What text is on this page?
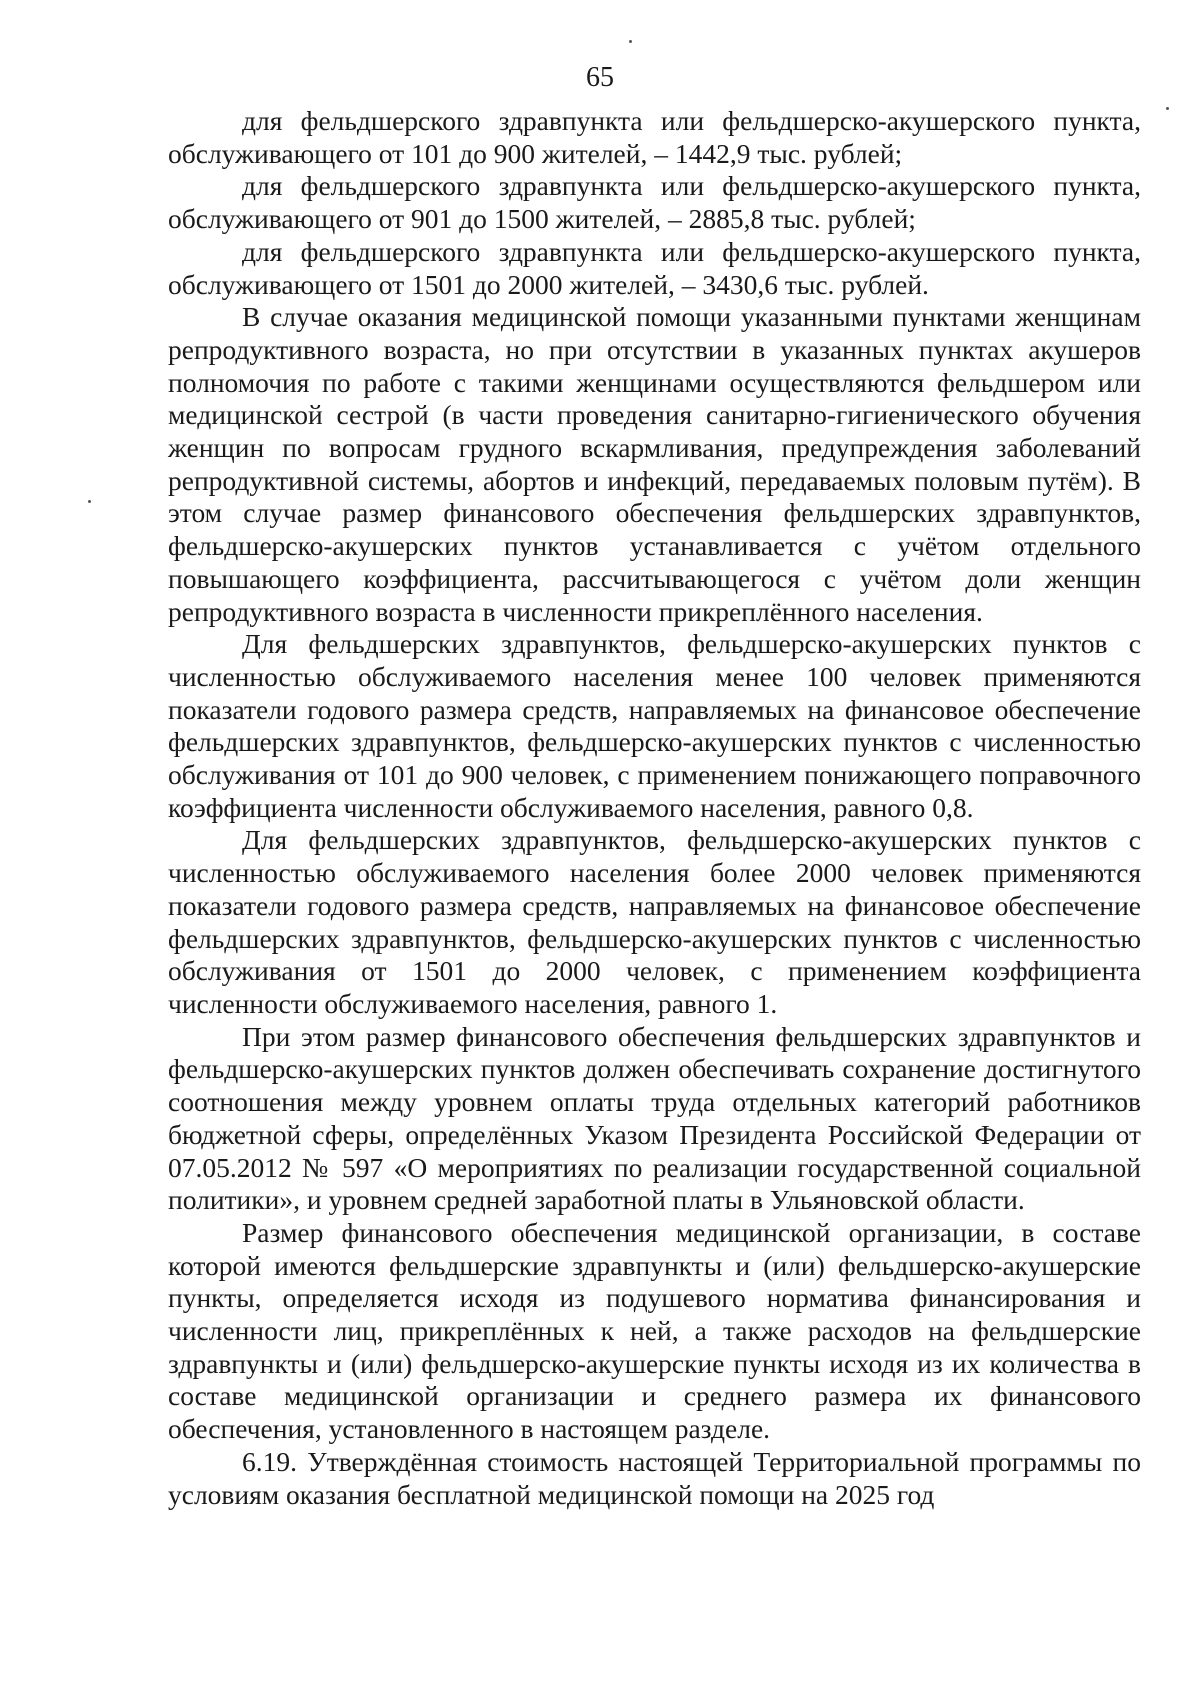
65

для фельдшерского здравпункта или фельдшерско-акушерского пункта, обслуживающего от 101 до 900 жителей, – 1442,9 тыс. рублей;

для фельдшерского здравпункта или фельдшерско-акушерского пункта, обслуживающего от 901 до 1500 жителей, – 2885,8 тыс. рублей;

для фельдшерского здравпункта или фельдшерско-акушерского пункта, обслуживающего от 1501 до 2000 жителей, – 3430,6 тыс. рублей.

В случае оказания медицинской помощи указанными пунктами женщинам репродуктивного возраста, но при отсутствии в указанных пунктах акушеров полномочия по работе с такими женщинами осуществляются фельдшером или медицинской сестрой (в части проведения санитарно-гигиенического обучения женщин по вопросам грудного вскармливания, предупреждения заболеваний репродуктивной системы, абортов и инфекций, передаваемых половым путём). В этом случае размер финансового обеспечения фельдшерских здравпунктов, фельдшерско-акушерских пунктов устанавливается с учётом отдельного повышающего коэффициента, рассчитывающегося с учётом доли женщин репродуктивного возраста в численности прикреплённого населения.

Для фельдшерских здравпунктов, фельдшерско-акушерских пунктов с численностью обслуживаемого населения менее 100 человек применяются показатели годового размера средств, направляемых на финансовое обеспечение фельдшерских здравпунктов, фельдшерско-акушерских пунктов с численностью обслуживания от 101 до 900 человек, с применением понижающего поправочного коэффициента численности обслуживаемого населения, равного 0,8.

Для фельдшерских здравпунктов, фельдшерско-акушерских пунктов с численностью обслуживаемого населения более 2000 человек применяются показатели годового размера средств, направляемых на финансовое обеспечение фельдшерских здравпунктов, фельдшерско-акушерских пунктов с численностью обслуживания от 1501 до 2000 человек, с применением коэффициента численности обслуживаемого населения, равного 1.

При этом размер финансового обеспечения фельдшерских здравпунктов и фельдшерско-акушерских пунктов должен обеспечивать сохранение достигнутого соотношения между уровнем оплаты труда отдельных категорий работников бюджетной сферы, определённых Указом Президента Российской Федерации от 07.05.2012 № 597 «О мероприятиях по реализации государственной социальной политики», и уровнем средней заработной платы в Ульяновской области.

Размер финансового обеспечения медицинской организации, в составе которой имеются фельдшерские здравпункты и (или) фельдшерско-акушерские пункты, определяется исходя из подушевого норматива финансирования и численности лиц, прикреплённых к ней, а также расходов на фельдшерские здравпункты и (или) фельдшерско-акушерские пункты исходя из их количества в составе медицинской организации и среднего размера их финансового обеспечения, установленного в настоящем разделе.

6.19. Утверждённая стоимость настоящей Территориальной программы по условиям оказания бесплатной медицинской помощи на 2025 год
